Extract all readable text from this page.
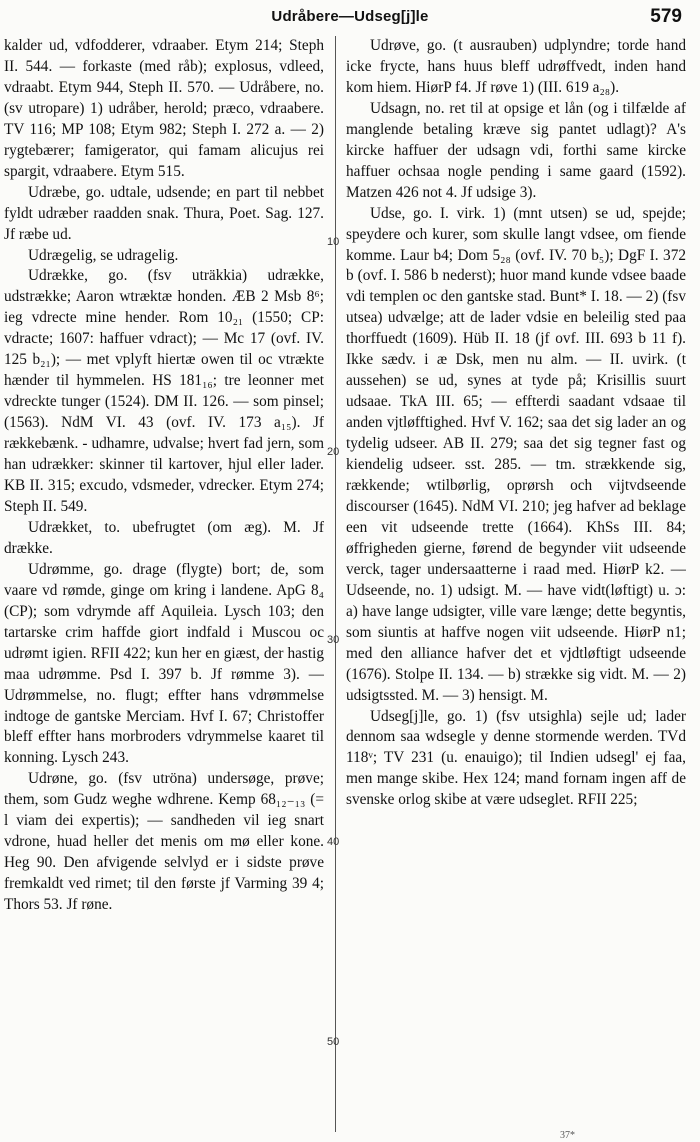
Udråbere—Udseg[j]le	579

kalder ud, vdfodderer, vdraaber. Etym 214; Steph II. 544. — forkaste (med råb); explosus, vdleed, vdraabt. Etym 944, Steph II. 570. — Udråbere, no. (sv utropare) 1) udråber, herold; præco, vdraabere. TV 116; MP 108; Etym 982; Steph I. 272 a. — 2) rygtebærer; famigerator, qui famam alicujus rei spargit, vdraabere. Etym 515.

Udræbe, go. udtale, udsende; en part til nebbet fyldt udræber raadden snak. Thura, Poet. Sag. 127. Jf ræbe ud.

Udrægelig, se udragelig.

Udrække, go. (fsv uträkkia) udrække, udstrække; Aaron wtræktæ honden. ÆB 2 Msb 8⁶; ieg vdrecte mine hender. Rom 10₂₁ (1550; CP: vdracte; 1607: haffuer vdract); — Mc 17 (ovf. IV. 125 b₂₁); — met vplyft hiertæ owen til oc vtrækte hænder til hymmelen. HS 181₁₆; tre leonner met vdreckte tunger (1524). DM II. 126. — som pinsel; (1563). NdM VI. 43 (ovf. IV. 173 a₁₅). Jf rækkebænk. - udhamre, udvalse; hvert fad jern, som han udrækker: skinner til kartover, hjul eller lader. KB II. 315; excudo, vdsmeder, vdrecker. Etym 274; Steph II. 549.

Udrækket, to. ubefrugtet (om æg). M. Jf drække.

Udrømme, go. drage (flygte) bort; de, som vaare vd rømde, ginge om kring i landene. ApG 8₄ (CP); som vdrymde aff Aquileia. Lysch 103; den tartarske crim haffde giort indfald i Muscou oc udrømt igien. RFII 422; kun her en giæst, der hastig maa udrømme. Psd I. 397 b. Jf rømme 3). — Udrømmelse, no. flugt; effter hans vdrømmelse indtoge de gantske Merciam. Hvf I. 67; Christoffer bleff effter hans morbroders vdrymmelse kaaret til konning. Lysch 243.

Udrøne, go. (fsv utröna) undersøge, prøve; them, som Gudz weghe wdhrene. Kemp 68₁₂₋₁₃ (= l viam dei expertis); — sandheden vil ieg snart vdrone, huad heller det menis om mø eller kone. Heg 90. Den afvigende selvlyd er i sidste prøve fremkaldt ved rimet; til den første jf Varming 39 4; Thors 53. Jf røne.

10
20
30
40
50

Udrøve, go. (t ausrauben) udplyndre; torde hand icke frycte, hans huus bleff udrøffvedt, inden hand kom hiem. HiørP f4. Jf røve 1) (III. 619 a₂₈).

Udsagn, no. ret til at opsige et lån (og i tilfælde af manglende betaling kræve sig pantet udlagt)? A's kircke haffuer der udsagn vdi, forthi same kircke haffuer ochsaa nogle pending i same gaard (1592). Matzen 426 not 4. Jf udsige 3).

Udse, go. I. virk. 1) (mnt utsen) se ud, spejde; speydere och kurer, som skulle langt vdsee, om fiende komme. Laur b4; Dom 5₂₈ (ovf. IV. 70 b₅); DgF I. 372 b (ovf. I. 586 b nederst); huor mand kunde vdsee baade vdi templen oc den gantske stad. Bunt* I. 18. — 2) (fsv utsea) udvælge; att de lader vdsie en beleilig sted paa thorffuedt (1609). Hüb II. 18 (jf ovf. III. 693 b 11 f). Ikke sædv. i æ Dsk, men nu alm. — II. uvirk. (t aussehen) se ud, synes at tyde på; Krisillis suurt udsaae. TkA III. 65; — effterdi saadant vdsaae til anden vjtløfftighed. Hvf V. 162; saa det sig lader an og tydelig udseer. AB II. 279; saa det sig tegner fast og kiendelig udseer. sst. 285. — tm. strækkende sig, rækkende; wtilbørlig, oprørsh och vijtvdseende discourser (1645). NdM VI. 210; jeg hafver ad beklage een vit udseende trette (1664). KhSs III. 84; øffrigheden gierne, førend de begynder viit udseende verck, tager undersaatterne i raad med. HiørP k2. — Udseende, no. 1) udsigt. M. — have vidt(løftigt) u. ɔ: a) have lange udsigter, ville vare længe; dette begyntis, som siuntis at haffve nogen viit udseende. HiørP n1; med den alliance hafver det et vjdtløftigt udseende (1676). Stolpe II. 134. — b) strække sig vidt. M. — 2) udsigtssted. M. — 3) hensigt. M.

Udseg[j]le, go. 1) (fsv utsighla) sejle ud; lader dennom saa wdsegle y denne stormende werden. TVd 118ᵛ; TV 231 (u. enauigo); til Indien udsegl' ej faa, men mange skibe. Hex 124; mand fornam ingen aff de svenske orlog skibe at være udseglet. RFII 225;

37*
